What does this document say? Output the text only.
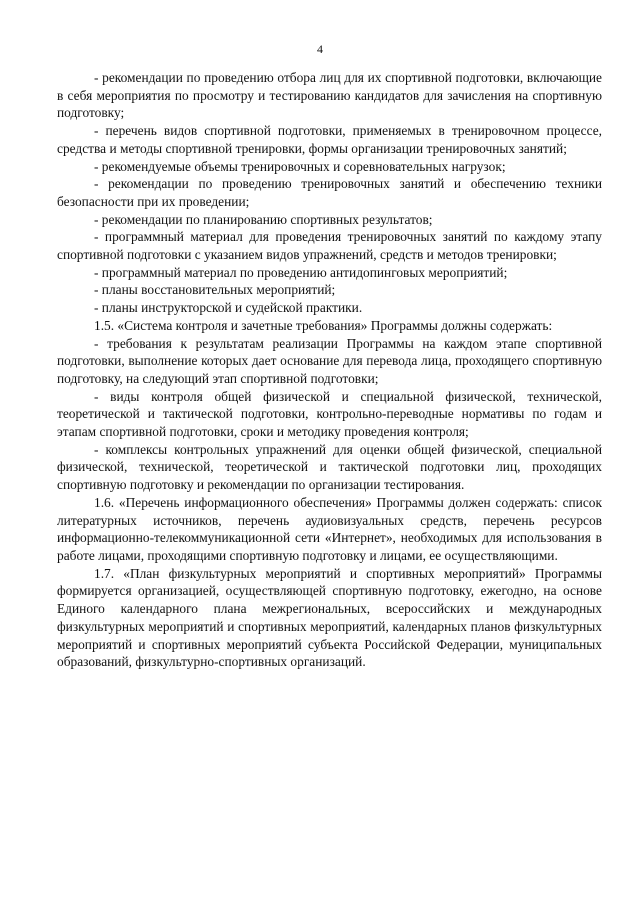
4

- рекомендации по проведению отбора лиц для их спортивной подготовки, включающие в себя мероприятия по просмотру и тестированию кандидатов для зачисления на спортивную подготовку;

- перечень видов спортивной подготовки, применяемых в тренировочном процессе, средства и методы спортивной тренировки, формы организации тренировочных занятий;

- рекомендуемые объемы тренировочных и соревновательных нагрузок;

- рекомендации по проведению тренировочных занятий и обеспечению техники безопасности при их проведении;

- рекомендации по планированию спортивных результатов;

- программный материал для проведения тренировочных занятий по каждому этапу спортивной подготовки с указанием видов упражнений, средств и методов тренировки;

- программный материал по проведению антидопинговых мероприятий;

- планы восстановительных мероприятий;

- планы инструкторской и судейской практики.

1.5. «Система контроля и зачетные требования» Программы должны содержать:

- требования к результатам реализации Программы на каждом этапе спортивной подготовки, выполнение которых дает основание для перевода лица, проходящего спортивную подготовку, на следующий этап спортивной подготовки;

- виды контроля общей физической и специальной физической, технической, теоретической и тактической подготовки, контрольно-переводные нормативы по годам и этапам спортивной подготовки, сроки и методику проведения контроля;

- комплексы контрольных упражнений для оценки общей физической, специальной физической, технической, теоретической и тактической подготовки лиц, проходящих спортивную подготовку и рекомендации по организации тестирования.

1.6. «Перечень информационного обеспечения» Программы должен содержать: список литературных источников, перечень аудиовизуальных средств, перечень ресурсов информационно-телекоммуникационной сети «Интернет», необходимых для использования в работе лицами, проходящими спортивную подготовку и лицами, ее осуществляющими.

1.7. «План физкультурных мероприятий и спортивных мероприятий» Программы формируется организацией, осуществляющей спортивную подготовку, ежегодно, на основе Единого календарного плана межрегиональных, всероссийских и международных физкультурных мероприятий и спортивных мероприятий, календарных планов физкультурных мероприятий и спортивных мероприятий субъекта Российской Федерации, муниципальных образований, физкультурно-спортивных организаций.
